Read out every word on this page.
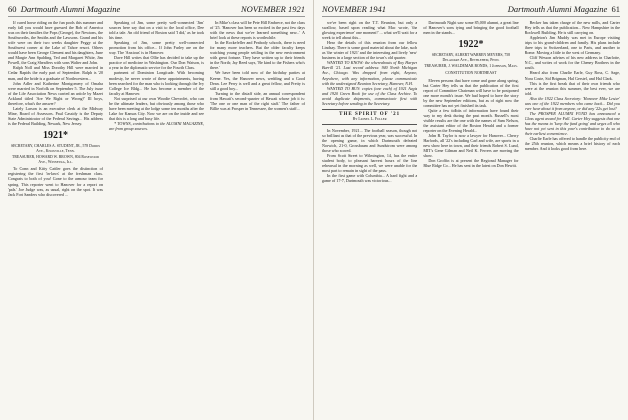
60 Dartmouth Alumni Magazine	NOVEMBER 1921

If cured horse riding on the fun pools this summer and early fall you would have guessed the Bob of America was on their families the Pops (George), the Newtons, the Southworths, the Smiths and the Lawsons. Grand and his wife were on their two weeks daughter Peggy at the Southwest corner at the Lake of Tahoe resort. Others would have been George Clement and his daughters, June and Margie Ann Spalding, Ted and Margaret White, Jim Powell, the Craig Sheaffers with sons Walter and John.

Ralph Noll and Miss Dorothy Hill were married in Cedar Rapids the early part of September. Ralph is '20 man, and the bride is a graduate of Northwestern...

John Adler and Katherine Montgomery of Omaha were married in Norfolk on September 5. The July issue of the Life Association News carried an article by Mazet Ackland titled 'Are We Right or Wrong?' Ill boys, therefore, what's the answer?

Lately Larson is an executive clerk at the Midway Mine, Board of Assessors. Paul Cassidy is the Deputy State Administrator of the Federal Savings... His address is the Federal Building, Newark, New Jersey.

1921*
SECRETARY, CHARLES A. STUDENT, JR., 578 Dodds Ave., Knoxville, Tenn.
TREASURER, HOWARD W. BROWN, 804 Rosewood Ave., Winnetka, Ill.

To Conn and Kitty Cattler goes the distinction of registering the first 'in-laws' at the freshman class. Congrats to both of you! Gone to the armour team for spring. This reporter went to Hanover for a report on 'pals.' Joe Judge was, as usual, right on the spot. It was Jack Fort Sanders who discovered ...

Speaking of Jim, some pretty well-connected 'Jim' sources here say that on a visit to the local office, Dee told a tale. An old friend of Boston said 'I did,' as he took his time.

Speaking of Jim, some pretty well-connected promotion from his office... If John Farley are on the way. The 'Anxious' is in Hanover.

Dave Hill writes that Ollie has decided to take up the practice of medicine in Washington. Our Don Watson, is a year in the diplomatic service for the Fourth Class.

partment of Dominion Longitude. With becoming modesty, he never wrote of these appointments, having been searched for the man who is looking through the Ivy College Ice Bldg... He has become a member of the faculty at Hanover.

Not surprised at our own Woodie Chevrolet, who can be the ultimate leaders, but obviously among those who have been meeting at the lodge some ten months after the Lake for Kansas City. Now we are on the inside and see that this is a long and busy life.

* TOWNS, contributions to the ALUMNI MAGAZINE, are from group sources.

In Mike's class will be Pete Hill Embrece, not the class of '25. 'Hanover has been so excited in the past few days with the news that we've learned something new...' A brief look at these reports is worthwhile.

In the Rockefeller and Peabody schools, there is need for many more teachers. But the older faculty keeps watching young people settling in the new environment with great fortune. They have written up to their friends in the North; Jay Reed says, 'Be kind to the Fishers who's there.'

We have been told now of the birthday parties at Keene. Yes, the Hanover news, wedding and a Good Dean. Lee Perry is well and a great fellow, and Pretty is still a good boy...

Turning to the distaff side, an annual correspondent from Hawaii's second-quarter of Hawaii whose job it is: 'The one or one man of the right staff.' The father of Billie was at Prosper in Tennessee, the women's staff...

NOVEMBER 1941	Dartmouth Alumni Magazine 61

we've been right on the T.T. Reunion, but only a swallow, based upon reading what Mac wrote, 'the glowing experience' one moment!' ... what we'll wait for a week to tell about this...

Hear the details of this reunion from our fellow Lindsay. There is some good material about the lake, such as 'the winter of 1921' and the interesting and lively 'new' business in a large section of the town's old quarter.

WANTED TO KNOW: the whereabouts of Roy Harper Burrill '21. Last record address: 940 North Michigan Ave., Chicago. Was dropped from eight, Anyone, Anywhere, with any information, please communicate with the undersigned Reunion Secretary, Hanover, N.H.

WANTED TO BUY: copies (one each) of 1921 Aegis and 1920 Green Book for use of the Class Archive. To avoid duplicate shipments, communicate first with Secretary before sending to the Secretary.

THE SPIRIT OF '21
By Lionel L. Fuller

In November, 1921... The football season, though not so brilliant as that of the previous year, was successful. In the opening game, in which Dartmouth defeated Norwich, 21-0, Grossbaum and Sundstrom were among those who scored.

From Scott Street to Wilmington, 14, has the entire student body, to pleasant harvest hours of the line rehearsal in the morning as well, we were unable for the most part to remain in sight of the pass.

In the first game with Columbia... A hard fight and a game of 17-7, Dartmouth was victorious...

Dartmouth Night saw some 85,000 alumni, a great line of Hanover's sons tying and bringing the good football men in the stands...

1922*
SECRETARY, ALBERT WARREN MEYERS, 758 Delaware Ave., Bethlehem, Penn.
TREASURER, J. WALDEMAR BONDS, 1 Johnson, Mass.
CONSTITUTION NORTHEAST

Eleven persons that have come and gone along spring, but Carter Hey tells us that the publication of the first report of Committee Chairman will have to be postponed one more month's issue. We had hoped to have the story by the new September editions, but as of right now the committee has not yet finished its task.

Quite a few tidbits of information have found their way to my desk during the past month. Russell's most visible results are the one with the names of Sam Nelson, the assistant editor of the Boston Herald and a former reporter on the Evening Herald...

John B. Taylor is now a lawyer for Hanover... Cherry Harfords, all '22's including Carl and wife, are sports in a new show here in town, and their friends Robert S. Lund, MIT's Gene Gilman and Neil K. Ferrers are moving the show.

Don Groffin is at present the Regional Manager for Blue Ridge Co... He has sent in the latest on Don Hewitt.

Becker has taken charge of the new mills, and Carter Hey tells us that the publication... New Hampshire in the Rockwell Building. He is still carrying on.

Appleton's Jim Muddy was met in Europe visiting trips to his grand-children and family. His plans include three trips to Switzerland, one to Paris, and another to Rome. Moving a little to the west of Germany.

Cliff Wesson advises of his new address in Charlotte, N.C., and writes of work for the Cheney Brothers in the south.

Heard also from Charlie Earle, Guy Ross, C. Sage, Nora Coste, Sid Brigman, Hal Gerstel, and Hal Clark.

This is the first break that of their own friends who were at the reunion this summer, the best ever, we are told.

Also the 1922 Class Secretary: 'Hanover Mike Lester' was one of the 1922 members who came back... Did you ever hear about it from anyone, or did any '22s get lost?

The PROSPER ALUMNI FUND has announced a Class agent award for Fall. Carter Hey suggests that one has the means to 'keep the fund going' and urges all who have not yet sent in this year's contribution to do so at their earliest convenience.

Charlie Earle has offered to handle the publicity end of the 25th reunion, which means a brief history of each member. And it looks good from here.
